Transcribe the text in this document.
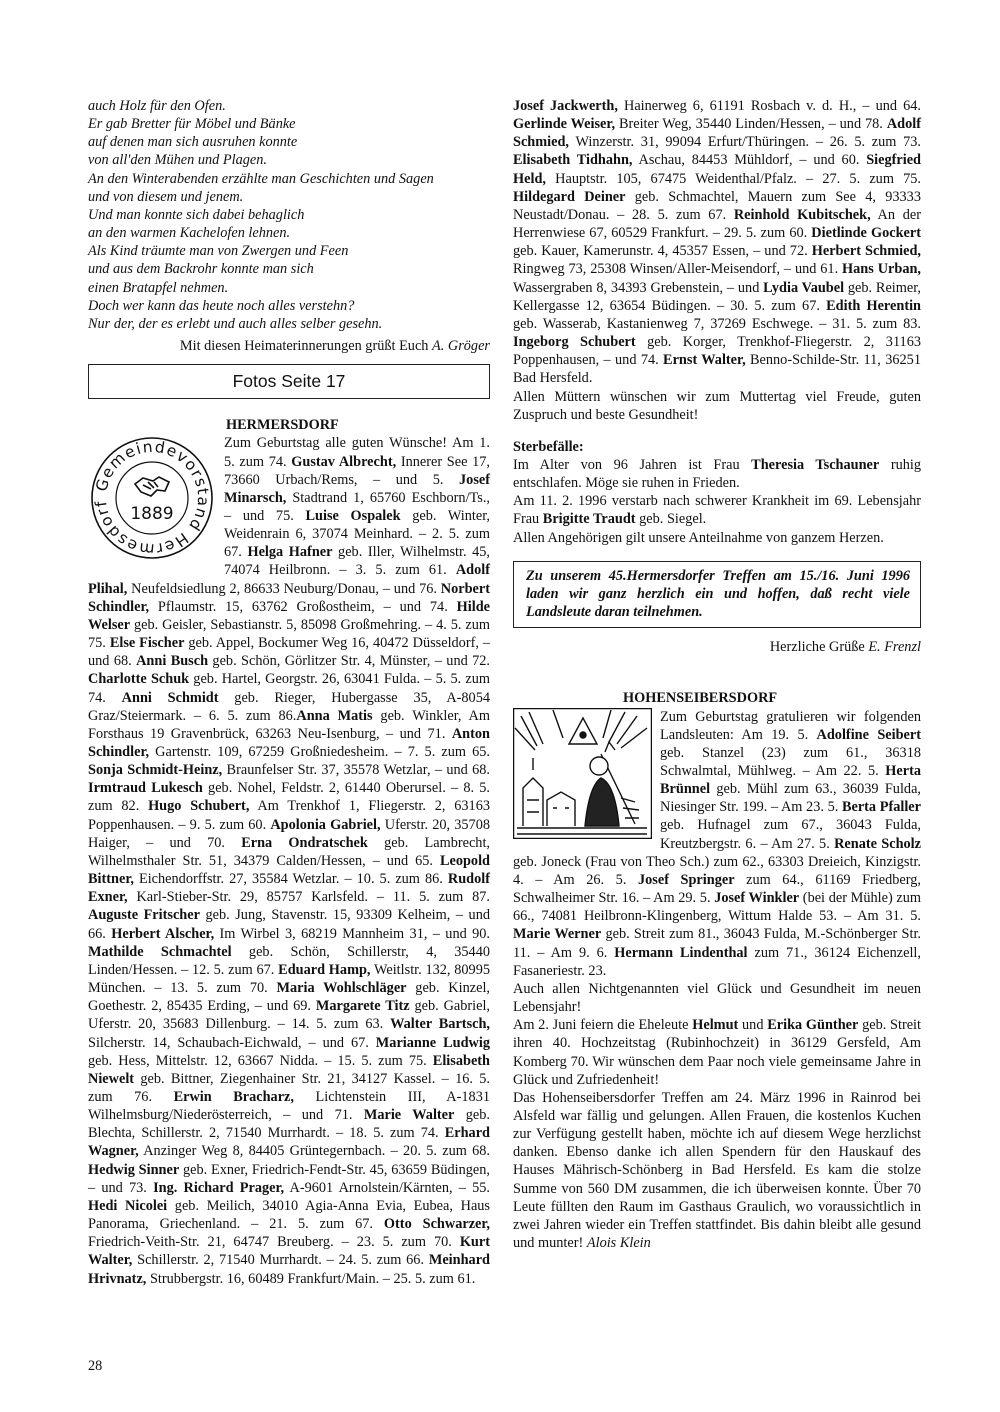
auch Holz für den Ofen.
Er gab Bretter für Möbel und Bänke
auf denen man sich ausruhen konnte
von all'den Mühen und Plagen.
An den Winterabenden erzählte man Geschichten und Sagen
und von diesem und jenem.
Und man konnte sich dabei behaglich
an den warmen Kachelofen lehnen.
Als Kind träumte man von Zwergen und Feen
und aus dem Backrohr konnte man sich
einen Bratapfel nehmen.
Doch wer kann das heute noch alles verstehn?
Nur der, der es erlebt und auch alles selber gesehn.
Mit diesen Heimaterinnerungen grüßt Euch A. Gröger
Fotos Seite 17
HERMERSDORF
Gemeindevorstand Hermesdorf	1889

Zum Geburtstag alle guten Wünsche! Am 1. 5. zum 74. Gustav Albrecht, Innerer See 17, 73660 Urbach/Rems, – und 5. Josef Minarsch, Stadtrand 1, 65760 Eschborn/Ts., – und 75. Luise Ospalek geb. Winter, Weidenrain 6, 37074 Meinhard. – 2. 5. zum 67. Helga Hafner geb. Iller, Wilhelmstr. 45, 74074 Heilbronn. – 3. 5. zum 61. Adolf Plihal, Neufeldsiedlung 2, 86633 Neuburg/Donau, – und 76. Norbert Schindler, Pflaumstr. 15, 63762 Großostheim, – und 74. Hilde Welser geb. Geisler, Sebastianstr. 5, 85098 Großmehring. – 4. 5. zum 75. Else Fischer geb. Appel, Bockumer Weg 16, 40472 Düsseldorf, – und 68. Anni Busch geb. Schön, Görlitzer Str. 4, Münster, – und 72. Charlotte Schuk geb. Hartel, Georgstr. 26, 63041 Fulda. – 5. 5. zum 74. Anni Schmidt geb. Rieger, Hubergasse 35, A-8054 Graz/Steiermark. – 6. 5. zum 86.Anna Matis geb. Winkler, Am Forsthaus 19 Gravenbrück, 63263 Neu-Isenburg, – und 71. Anton Schindler, Gartenstr. 109, 67259 Großniedesheim. – 7. 5. zum 65. Sonja Schmidt-Heinz, Braunfelser Str. 37, 35578 Wetzlar, – und 68. Irmtraud Lukesch geb. Nohel, Feldstr. 2, 61440 Oberursel. – 8. 5. zum 82. Hugo Schubert, Am Trenkhof 1, Fliegerstr. 2, 63163 Poppenhausen. – 9. 5. zum 60. Apolonia Gabriel, Uferstr. 20, 35708 Haiger, – und 70. Erna Ondratschek geb. Lambrecht, Wilhelmsthaler Str. 51, 34379 Calden/Hessen, – und 65. Leopold Bittner, Eichendorffstr. 27, 35584 Wetzlar. – 10. 5. zum 86. Rudolf Exner, Karl-Stieber-Str. 29, 85757 Karlsfeld. – 11. 5. zum 87. Auguste Fritscher geb. Jung, Stavenstr. 15, 93309 Kelheim, – und 66. Herbert Alscher, Im Wirbel 3, 68219 Mannheim 31, – und 90. Mathilde Schmachtel geb. Schön, Schillerstr, 4, 35440 Linden/Hessen. – 12. 5. zum 67. Eduard Hamp, Weitlstr. 132, 80995 München. – 13. 5. zum 70. Maria Wohlschläger geb. Kinzel, Goethestr. 2, 85435 Erding, – und 69. Margarete Titz geb. Gabriel, Uferstr. 20, 35683 Dillenburg. – 14. 5. zum 63. Walter Bartsch, Silcherstr. 14, Schaubach-Eichwald, – und 67. Marianne Ludwig geb. Hess, Mittelstr. 12, 63667 Nidda. – 15. 5. zum 75. Elisabeth Niewelt geb. Bittner, Ziegenhainer Str. 21, 34127 Kassel. – 16. 5. zum 76. Erwin Bracharz, Lichtenstein III, A-1831 Wilhelmsburg/Niederösterreich, – und 71. Marie Walter geb. Blechta, Schillerstr. 2, 71540 Murrhardt. – 18. 5. zum 74. Erhard Wagner, Anzinger Weg 8, 84405 Grüntegernbach. – 20. 5. zum 68. Hedwig Sinner geb. Exner, Friedrich-Fendt-Str. 45, 63659 Büdingen, – und 73. Ing. Richard Prager, A-9601 Arnolstein/Kärnten, – 55. Hedi Nicolei geb. Meilich, 34010 Agia-Anna Evia, Eubea, Haus Panorama, Griechenland. – 21. 5. zum 67. Otto Schwarzer, Friedrich-Veith-Str. 21, 64747 Breuberg. – 23. 5. zum 70. Kurt Walter, Schillerstr. 2, 71540 Murrhardt. – 24. 5. zum 66. Meinhard Hrivnatz, Strubbergstr. 16, 60489 Frankfurt/Main. – 25. 5. zum 61.

Josef Jackwerth, Hainerweg 6, 61191 Rosbach v. d. H., – und 64. Gerlinde Weiser, Breiter Weg, 35440 Linden/Hessen, – und 78. Adolf Schmied, Winzerstr. 31, 99094 Erfurt/Thüringen. – 26. 5. zum 73. Elisabeth Tidhahn, Aschau, 84453 Mühldorf, – und 60. Siegfried Held, Hauptstr. 105, 67475 Weidenthal/Pfalz. – 27. 5. zum 75. Hildegard Deiner geb. Schmachtel, Mauern zum See 4, 93333 Neustadt/Donau. – 28. 5. zum 67. Reinhold Kubitschek, An der Herrenwiese 67, 60529 Frankfurt. – 29. 5. zum 60. Dietlinde Gockert geb. Kauer, Kamerunstr. 4, 45357 Essen, – und 72. Herbert Schmied, Ringweg 73, 25308 Winsen/Aller-Meisendorf, – und 61. Hans Urban, Wassergraben 8, 34393 Grebenstein, – und Lydia Vaubel geb. Reimer, Kellergasse 12, 63654 Büdingen. – 30. 5. zum 67. Edith Herentin geb. Wasserab, Kastanienweg 7, 37269 Eschwege. – 31. 5. zum 83. Ingeborg Schubert geb. Korger, Trenkhof-Fliegerstr. 2, 31163 Poppenhausen, – und 74. Ernst Walter, Benno-Schilde-Str. 11, 36251 Bad Hersfeld.

Allen Müttern wünschen wir zum Muttertag viel Freude, guten Zuspruch und beste Gesundheit!

Sterbefälle:

Im Alter von 96 Jahren ist Frau Theresia Tschauner ruhig entschlafen. Möge sie ruhen in Frieden.

Am 11. 2. 1996 verstarb nach schwerer Krankheit im 69. Lebensjahr Frau Brigitte Traudt geb. Siegel.

Allen Angehörigen gilt unsere Anteilnahme von ganzem Herzen.

Zu unserem 45.Hermersdorfer Treffen am 15./16. Juni 1996 laden wir ganz herzlich ein und hoffen, daß recht viele Landsleute daran teilnehmen.
Herzliche Grüße E. Frenzl
HOHENSEIBERSDORF

Zum Geburtstag gratulieren wir folgenden Landsleuten: Am 19. 5. Adolfine Seibert geb. Stanzel (23) zum 61., 36318 Schwalmtal, Mühlweg. – Am 22. 5. Herta Brünnel geb. Mühl zum 63., 36039 Fulda, Niesinger Str. 199. – Am 23. 5. Berta Pfaller geb. Hufnagel zum 67., 36043 Fulda, Kreutzbergstr. 6. – Am 27. 5. Renate Scholz geb. Joneck (Frau von Theo Sch.) zum 62., 63303 Dreieich, Kinzigstr. 4. – Am 26. 5. Josef Springer zum 64., 61169 Friedberg, Schwalheimer Str. 16. – Am 29. 5. Josef Winkler (bei der Mühle) zum 66., 74081 Heilbronn-Klingenberg, Wittum Halde 53. – Am 31. 5. Marie Werner geb. Streit zum 81., 36043 Fulda, M.-Schönberger Str. 11. – Am 9. 6. Hermann Lindenthal zum 71., 36124 Eichenzell, Fasaneriestr. 23.

Auch allen Nichtgenannten viel Glück und Gesundheit im neuen Lebensjahr!

Am 2. Juni feiern die Eheleute Helmut und Erika Günther geb. Streit ihren 40. Hochzeitstag (Rubinhochzeit) in 36129 Gersfeld, Am Komberg 70. Wir wünschen dem Paar noch viele gemeinsame Jahre in Glück und Zufriedenheit!

Das Hohenseibersdorfer Treffen am 24. März 1996 in Rainrod bei Alsfeld war fällig und gelungen. Allen Frauen, die kostenlos Kuchen zur Verfügung gestellt haben, möchte ich auf diesem Wege herzlichst danken. Ebenso danke ich allen Spendern für den Hauskauf des Hauses Mährisch-Schönberg in Bad Hersfeld. Es kam die stolze Summe von 560 DM zusammen, die ich überweisen konnte. Über 70 Leute füllten den Raum im Gasthaus Graulich, wo voraussichtlich in zwei Jahren wieder ein Treffen stattfindet. Bis dahin bleibt alle gesund und munter! Alois Klein

28
